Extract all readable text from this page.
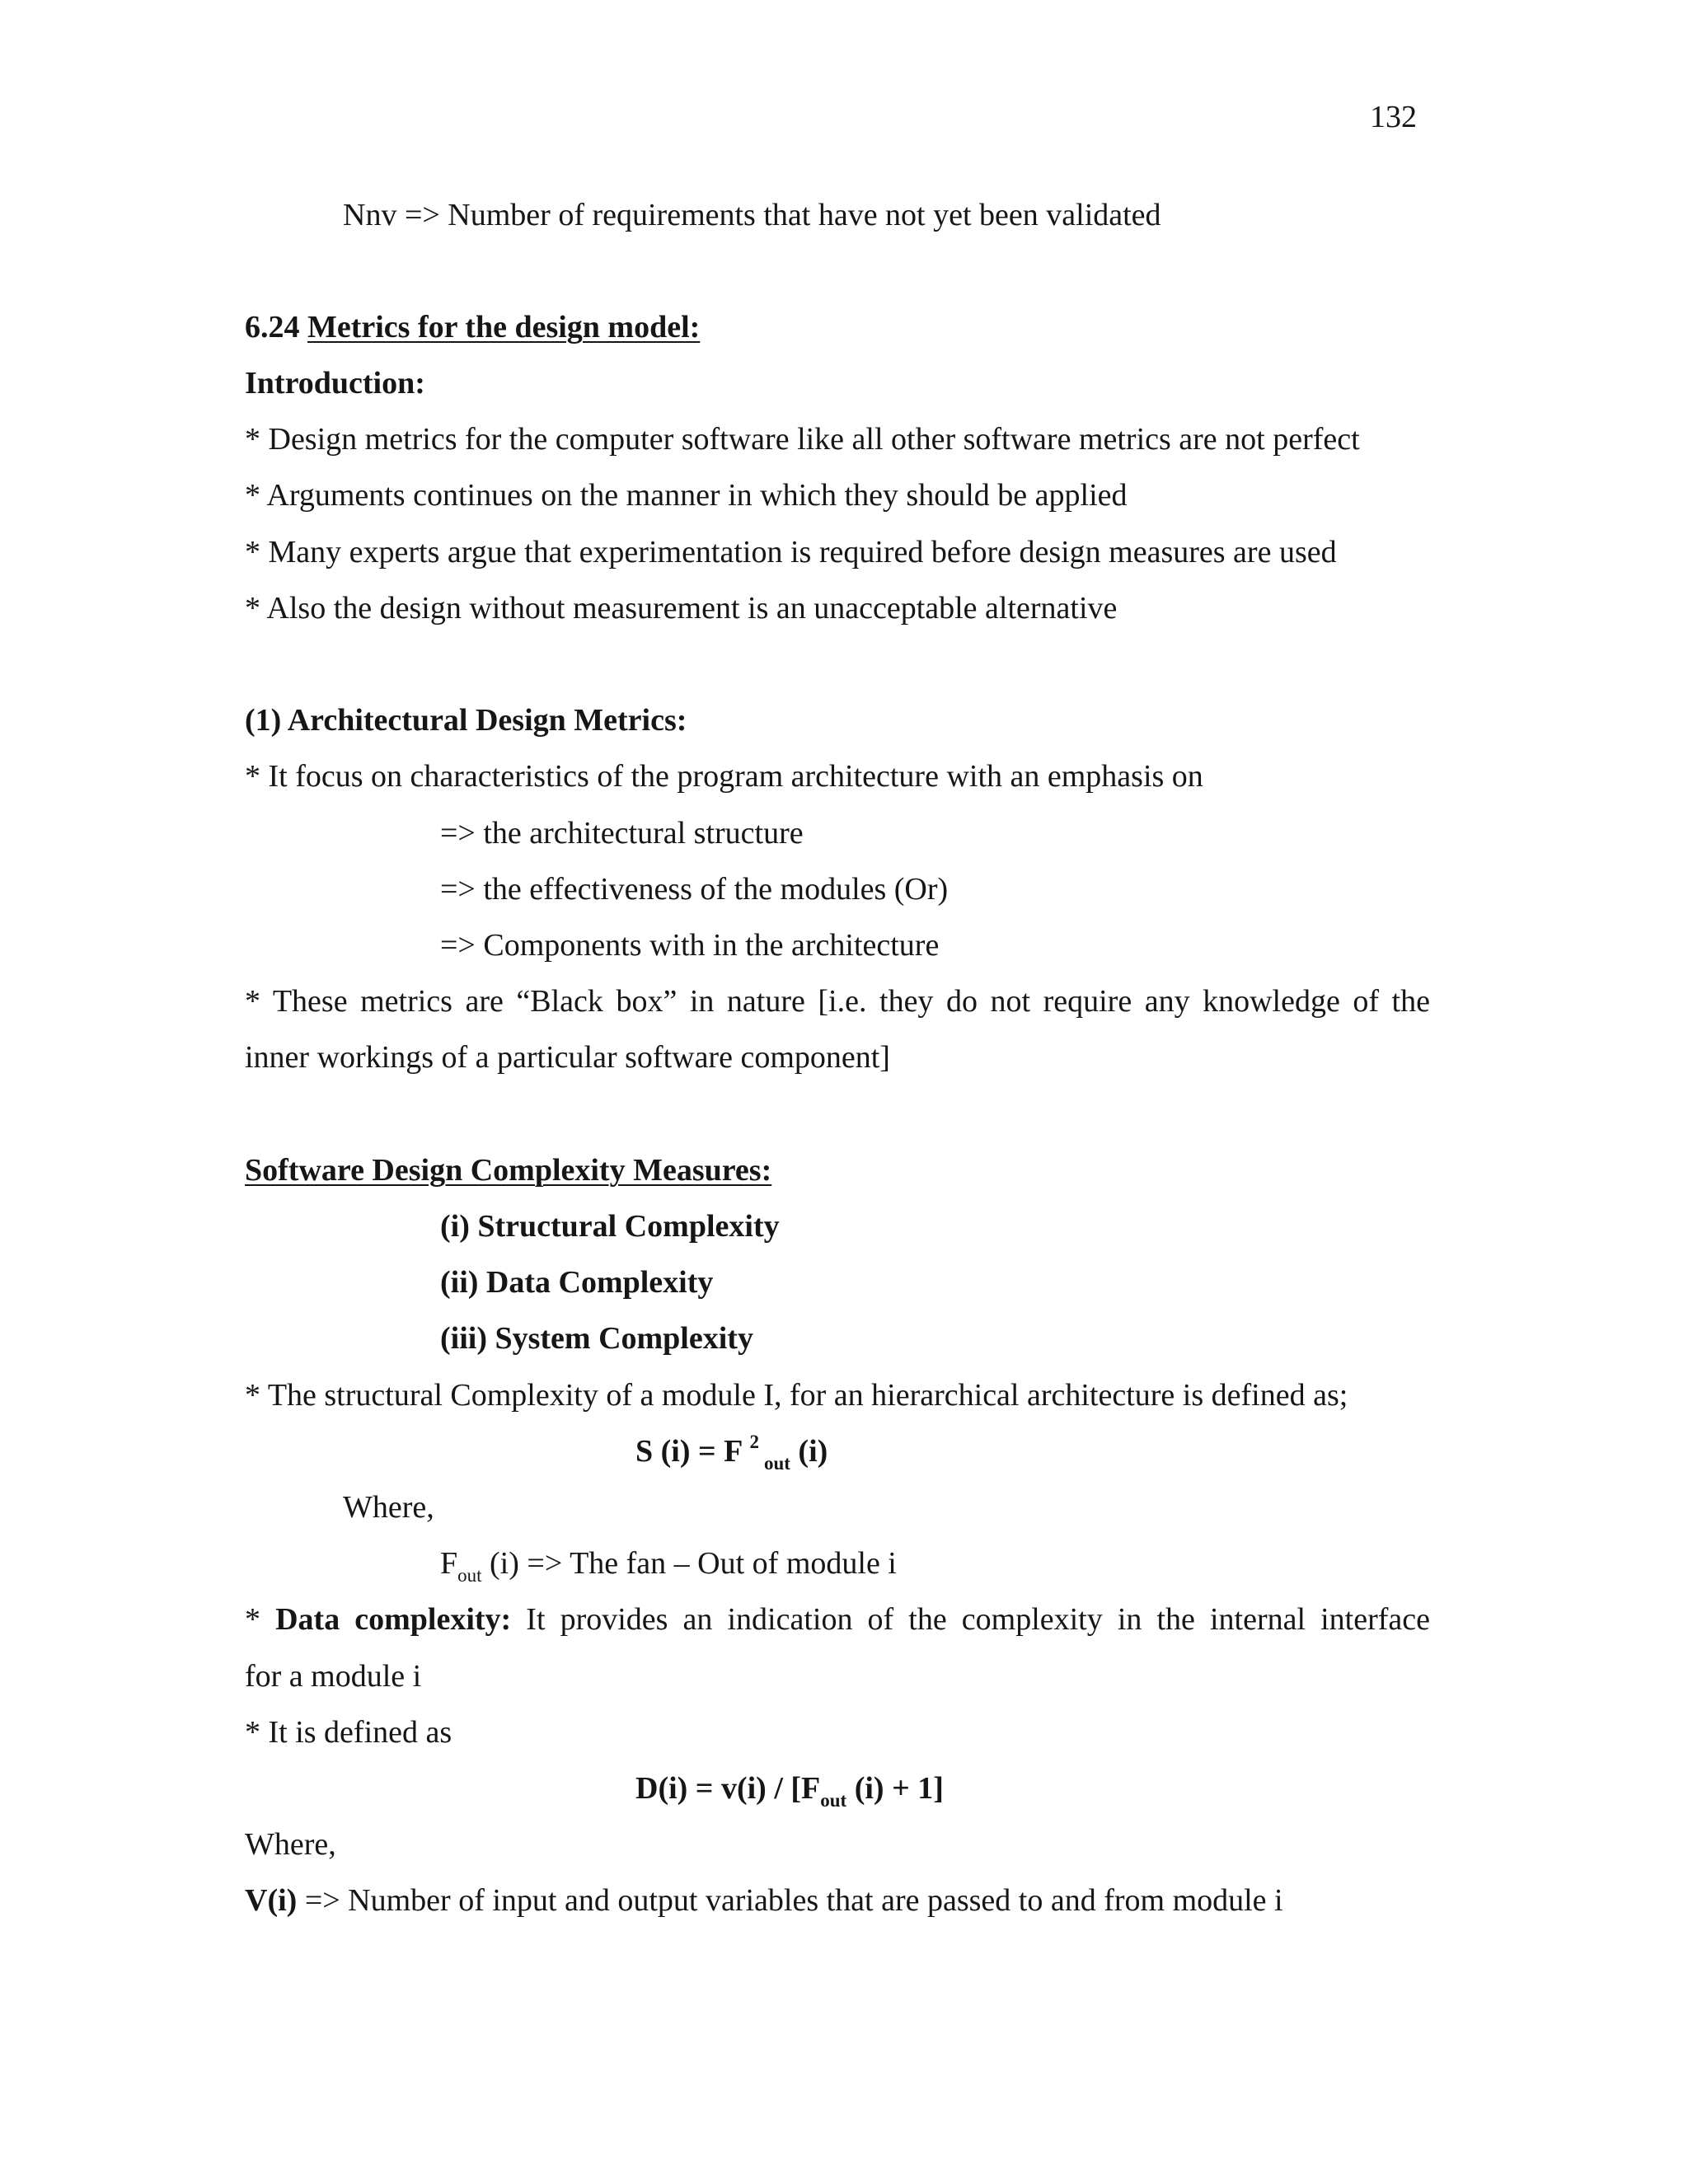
132
Nnv => Number of requirements that have not yet been validated
6.24 Metrics for the design model:
Introduction:
* Design metrics for the computer software like all other software metrics are not perfect
* Arguments continues on the manner in which they should be applied
* Many experts argue that experimentation is required before design measures are used
* Also the design without measurement is an unacceptable alternative
(1) Architectural Design Metrics:
* It focus on characteristics of the program architecture with an emphasis on
=> the architectural structure
=> the effectiveness of the modules (Or)
=> Components with in the architecture
* These metrics are “Black box” in nature [i.e. they do not require any knowledge of the
inner workings of a particular software component]
Software Design Complexity Measures:
(i) Structural Complexity
(ii) Data Complexity
(iii) System Complexity
* The structural Complexity of a module I, for an hierarchical architecture is defined as;
S (i) = F $^2_{out}$ (i)
Where,
$F_{out}$ (i) => The fan – Out of module i
* Data complexity: It provides an indication of the complexity in the internal interface
for a module i
* It is defined as
$D(i) = v(i) / [F_{out}$ (i) + 1]
Where,
V(i) => Number of input and output variables that are passed to and from module i
